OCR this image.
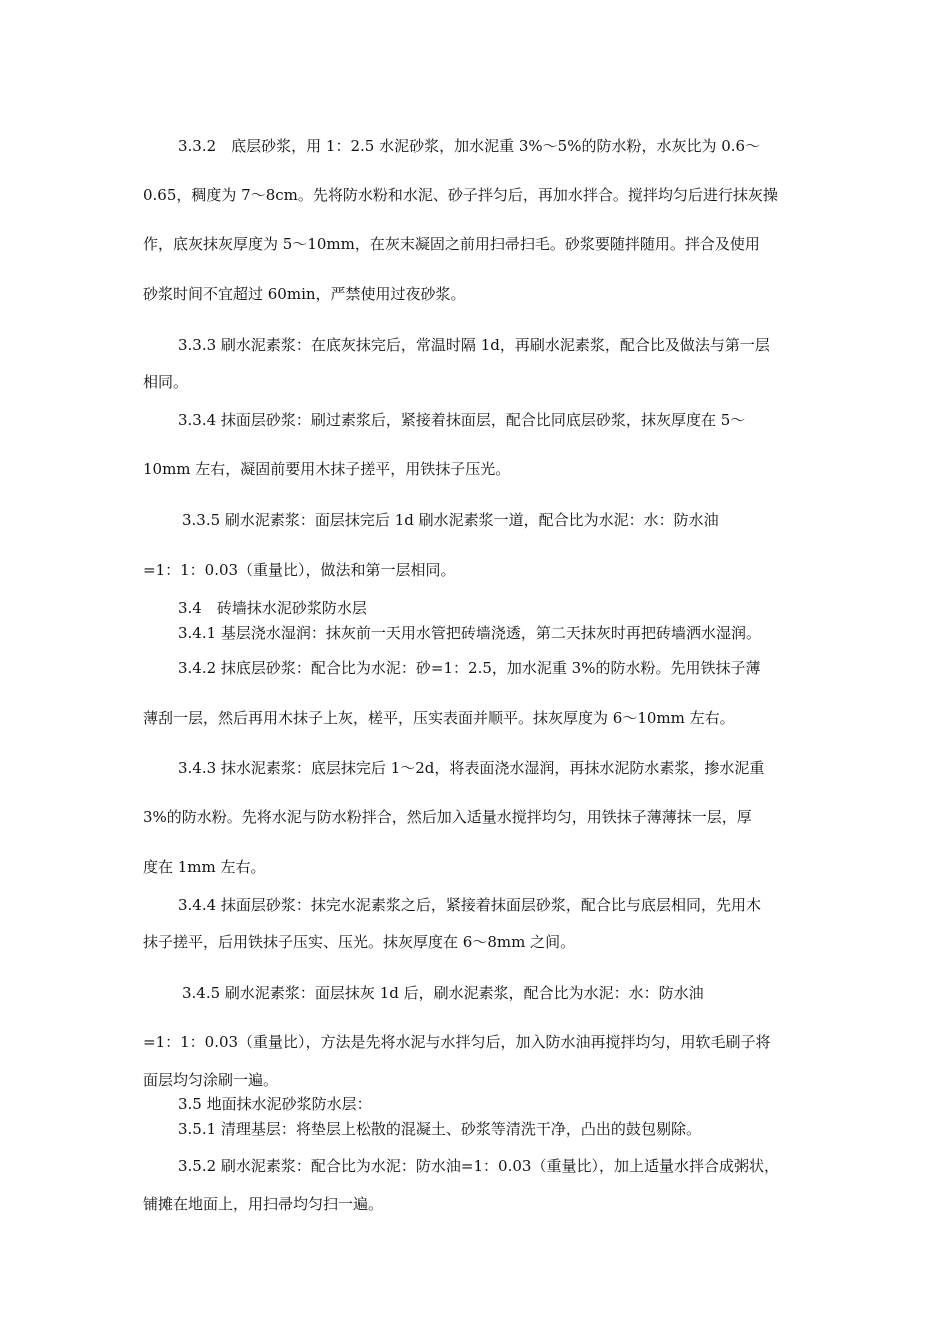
3.3.2　底层砂浆，用 1：2.5 水泥砂浆，加水泥重 3%～5%的防水粉，水灰比为 0.6～
0.65，稠度为 7～8cm。先将防水粉和水泥、砂子拌匀后，再加水拌合。搅拌均匀后进行抹灰操
作，底灰抹灰厚度为 5～10mm，在灰末凝固之前用扫帚扫毛。砂浆要随拌随用。拌合及使用
砂浆时间不宜超过 60min，严禁使用过夜砂浆。
3.3.3 刷水泥素浆：在底灰抹完后，常温时隔 1d，再刷水泥素浆，配合比及做法与第一层
相同。
3.3.4 抹面层砂浆：刷过素浆后，紧接着抹面层，配合比同底层砂浆，抹灰厚度在 5～
10mm 左右，凝固前要用木抹子搓平，用铁抹子压光。
3.3.5 刷水泥素浆：面层抹完后 1d 刷水泥素浆一道，配合比为水泥：水：防水油
=1：1：0.03（重量比），做法和第一层相同。
3.4　砖墙抹水泥砂浆防水层
3.4.1 基层浇水湿润：抹灰前一天用水管把砖墙浇透，第二天抹灰时再把砖墙洒水湿润。
3.4.2 抹底层砂浆：配合比为水泥：砂=1：2.5，加水泥重 3%的防水粉。先用铁抹子薄
薄刮一层，然后再用木抹子上灰，槎平，压实表面并顺平。抹灰厚度为 6～10mm 左右。
3.4.3 抹水泥素浆：底层抹完后 1～2d，将表面浇水湿润，再抹水泥防水素浆，掺水泥重
3%的防水粉。先将水泥与防水粉拌合，然后加入适量水搅拌均匀，用铁抹子薄薄抹一层，厚
度在 1mm 左右。
3.4.4 抹面层砂浆：抹完水泥素浆之后，紧接着抹面层砂浆，配合比与底层相同，先用木
抹子搓平，后用铁抹子压实、压光。抹灰厚度在 6～8mm 之间。
3.4.5 刷水泥素浆：面层抹灰 1d 后，刷水泥素浆，配合比为水泥：水：防水油
=1：1：0.03（重量比），方法是先将水泥与水拌匀后，加入防水油再搅拌均匀，用软毛刷子将
面层均匀涂刷一遍。
3.5 地面抹水泥砂浆防水层：
3.5.1 清理基层：将垫层上松散的混凝土、砂浆等清洗干净，凸出的鼓包剔除。
3.5.2 刷水泥素浆：配合比为水泥：防水油=1：0.03（重量比），加上适量水拌合成粥状，
铺摊在地面上，用扫帚均匀扫一遍。
